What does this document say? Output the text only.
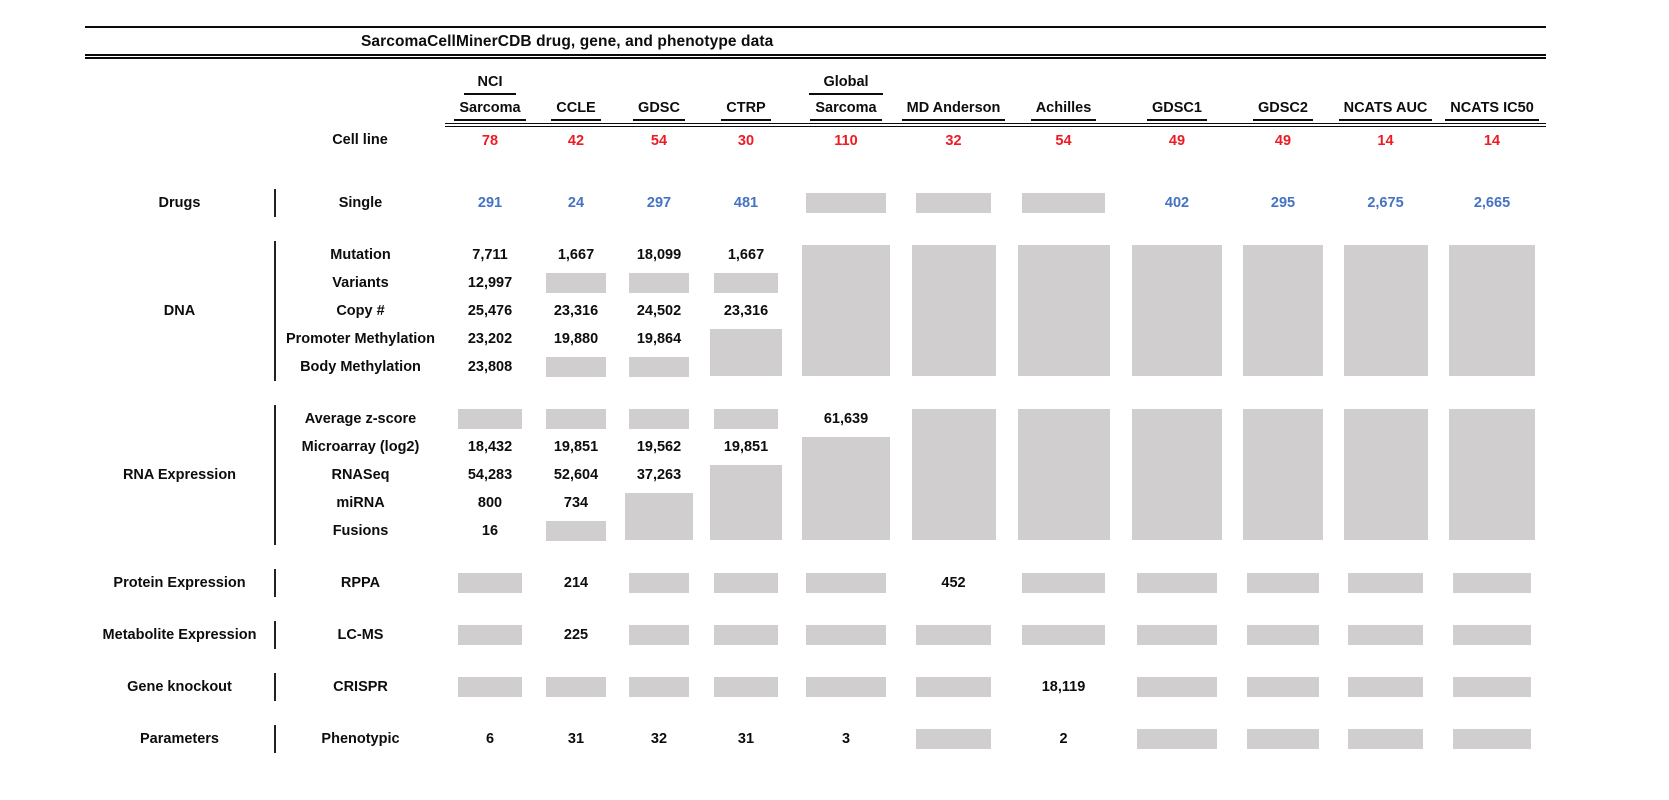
SarcomaCellMinerCDB drug, gene, and phenotype data
		NCI				Global						
		Sarcoma	CCLE	GDSC	CTRP	Sarcoma	MD Anderson	Achilles	GDSC1	GDSC2	NCATS AUC	NCATS IC50
	Cell line	78	42	54	30	110	32	54	49	49	14	14

Drugs	Single	291	24	297	481				402	295	2,675	2,665

DNA	Mutation	7,711	1,667	18,099	1,667	

	Variants	12,997								

	Copy #	25,476	23,316	24,502	23,316							
	Promoter Methylation	23,202	19,880	19,864								

	Body Methylation	23,808									

RNA Expression	Average z-score					61,639	

	Microarray (log2)	18,432	19,851	19,562	19,851							

	RNASeq	54,283	52,604	37,263								

	miRNA	800	734									

	Fusions	16										

Protein Expression	RPPA		214				452	

Metabolite Expression	LC-MS		225	

Gene knockout	CRISPR							18,119	

Parameters	Phenotypic	6	31	32	31	3		2	
